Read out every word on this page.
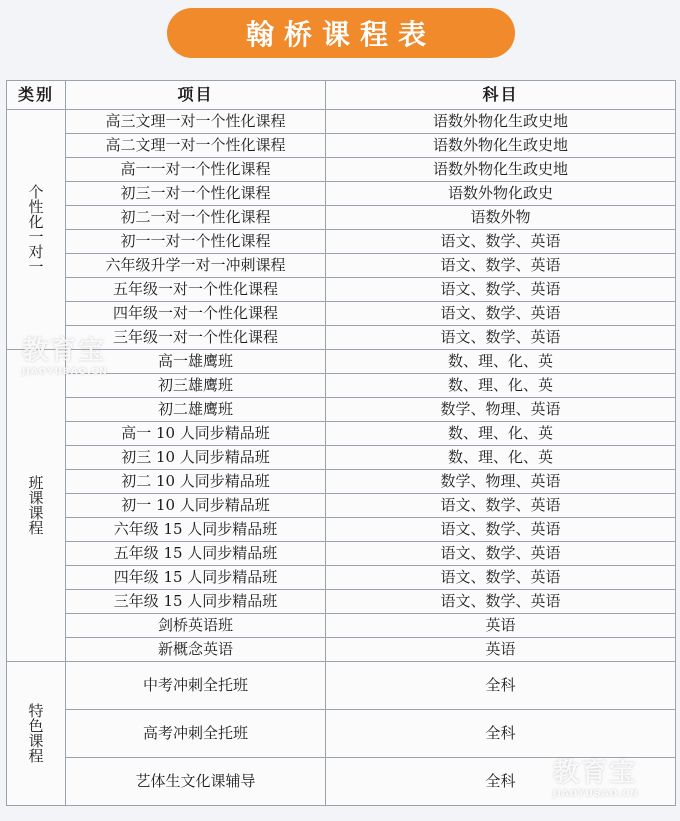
翰桥课程表
类别	项目	科目
个性化一对一	高三文理一对一个性化课程	语数外物化生政史地
	高二文理一对一个性化课程	语数外物化生政史地
	高一一对一个性化课程	语数外物化生政史地
	初三一对一个性化课程	语数外物化政史
	初二一对一个性化课程	语数外物
	初一一对一个性化课程	语文、数学、英语
	六年级升学一对一冲刺课程	语文、数学、英语
	五年级一对一个性化课程	语文、数学、英语
	四年级一对一个性化课程	语文、数学、英语
	三年级一对一个性化课程	语文、数学、英语
班课课程	高一雄鹰班	数、理、化、英
	初三雄鹰班	数、理、化、英
	初二雄鹰班	数学、物理、英语
	高一 10 人同步精品班	数、理、化、英
	初三 10 人同步精品班	数、理、化、英
	初二 10 人同步精品班	数学、物理、英语
	初一 10 人同步精品班	语文、数学、英语
	六年级 15 人同步精品班	语文、数学、英语
	五年级 15 人同步精品班	语文、数学、英语
	四年级 15 人同步精品班	语文、数学、英语
	三年级 15 人同步精品班	语文、数学、英语
	剑桥英语班	英语
	新概念英语	英语
特色课程	中考冲刺全托班	全科
	高考冲刺全托班	全科
	艺体生文化课辅导	全科
教育宝
JIAOYUBAO.CN
教育宝
JIAOYUBAO.CN
